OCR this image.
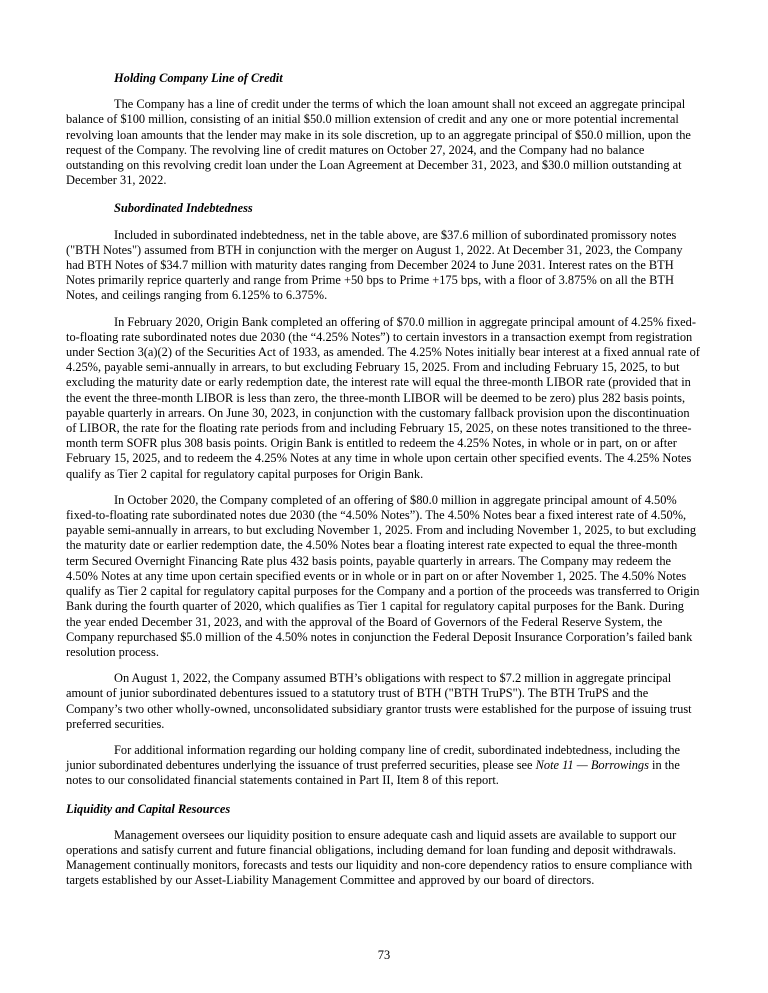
Holding Company Line of Credit

The Company has a line of credit under the terms of which the loan amount shall not exceed an aggregate principal balance of $100 million, consisting of an initial $50.0 million extension of credit and any one or more potential incremental revolving loan amounts that the lender may make in its sole discretion, up to an aggregate principal of $50.0 million, upon the request of the Company. The revolving line of credit matures on October 27, 2024, and the Company had no balance outstanding on this revolving credit loan under the Loan Agreement at December 31, 2023, and $30.0 million outstanding at December 31, 2022.

Subordinated Indebtedness

Included in subordinated indebtedness, net in the table above, are $37.6 million of subordinated promissory notes ("BTH Notes") assumed from BTH in conjunction with the merger on August 1, 2022. At December 31, 2023, the Company had BTH Notes of $34.7 million with maturity dates ranging from December 2024 to June 2031. Interest rates on the BTH Notes primarily reprice quarterly and range from Prime +50 bps to Prime +175 bps, with a floor of 3.875% on all the BTH Notes, and ceilings ranging from 6.125% to 6.375%.

In February 2020, Origin Bank completed an offering of $70.0 million in aggregate principal amount of 4.25% fixed-to-floating rate subordinated notes due 2030 (the “4.25% Notes”) to certain investors in a transaction exempt from registration under Section 3(a)(2) of the Securities Act of 1933, as amended. The 4.25% Notes initially bear interest at a fixed annual rate of 4.25%, payable semi-annually in arrears, to but excluding February 15, 2025. From and including February 15, 2025, to but excluding the maturity date or early redemption date, the interest rate will equal the three-month LIBOR rate (provided that in the event the three-month LIBOR is less than zero, the three-month LIBOR will be deemed to be zero) plus 282 basis points, payable quarterly in arrears. On June 30, 2023, in conjunction with the customary fallback provision upon the discontinuation of LIBOR, the rate for the floating rate periods from and including February 15, 2025, on these notes transitioned to the three-month term SOFR plus 308 basis points. Origin Bank is entitled to redeem the 4.25% Notes, in whole or in part, on or after February 15, 2025, and to redeem the 4.25% Notes at any time in whole upon certain other specified events. The 4.25% Notes qualify as Tier 2 capital for regulatory capital purposes for Origin Bank.

In October 2020, the Company completed of an offering of $80.0 million in aggregate principal amount of 4.50% fixed-to-floating rate subordinated notes due 2030 (the “4.50% Notes”). The 4.50% Notes bear a fixed interest rate of 4.50%, payable semi-annually in arrears, to but excluding November 1, 2025. From and including November 1, 2025, to but excluding the maturity date or earlier redemption date, the 4.50% Notes bear a floating interest rate expected to equal the three-month term Secured Overnight Financing Rate plus 432 basis points, payable quarterly in arrears. The Company may redeem the 4.50% Notes at any time upon certain specified events or in whole or in part on or after November 1, 2025. The 4.50% Notes qualify as Tier 2 capital for regulatory capital purposes for the Company and a portion of the proceeds was transferred to Origin Bank during the fourth quarter of 2020, which qualifies as Tier 1 capital for regulatory capital purposes for the Bank. During the year ended December 31, 2023, and with the approval of the Board of Governors of the Federal Reserve System, the Company repurchased $5.0 million of the 4.50% notes in conjunction the Federal Deposit Insurance Corporation’s failed bank resolution process.

On August 1, 2022, the Company assumed BTH’s obligations with respect to $7.2 million in aggregate principal amount of junior subordinated debentures issued to a statutory trust of BTH ("BTH TruPS"). The BTH TruPS and the Company’s two other wholly-owned, unconsolidated subsidiary grantor trusts were established for the purpose of issuing trust preferred securities.

For additional information regarding our holding company line of credit, subordinated indebtedness, including the junior subordinated debentures underlying the issuance of trust preferred securities, please see Note 11 — Borrowings in the notes to our consolidated financial statements contained in Part II, Item 8 of this report.

Liquidity and Capital Resources

Management oversees our liquidity position to ensure adequate cash and liquid assets are available to support our operations and satisfy current and future financial obligations, including demand for loan funding and deposit withdrawals. Management continually monitors, forecasts and tests our liquidity and non-core dependency ratios to ensure compliance with targets established by our Asset-Liability Management Committee and approved by our board of directors.

73
